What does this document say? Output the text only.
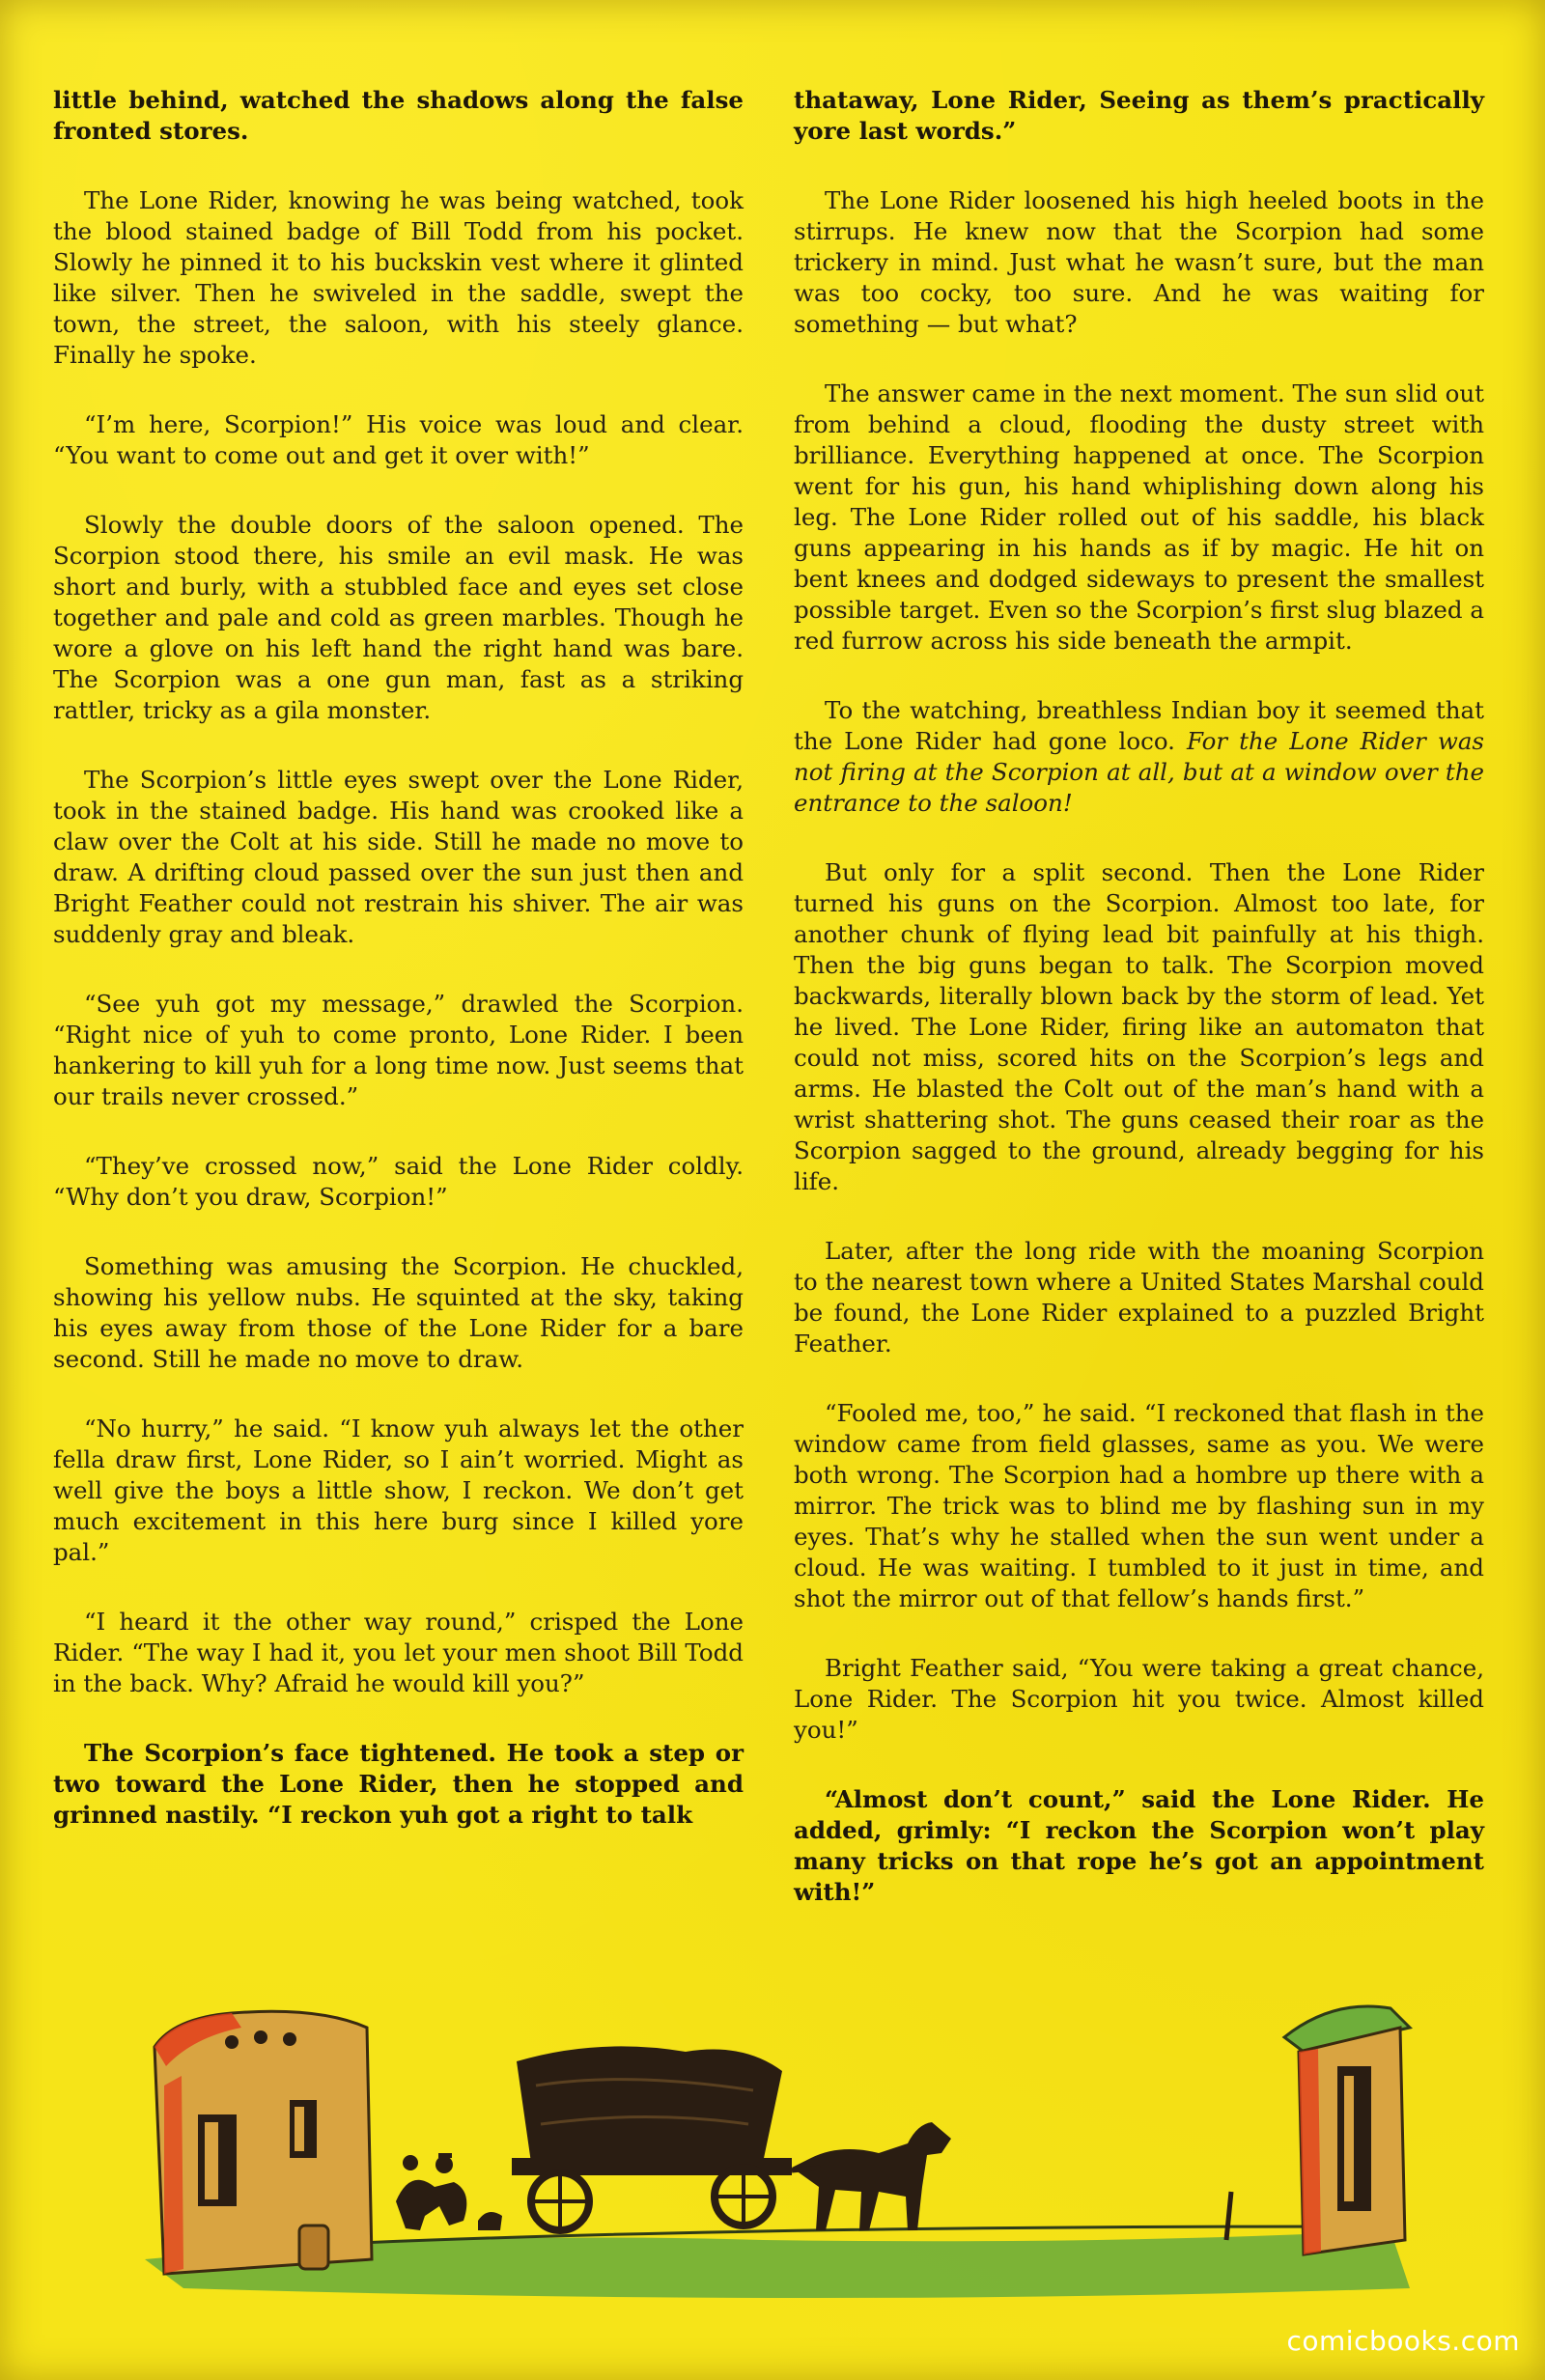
little behind, watched the shadows along the false fronted stores.

The Lone Rider, knowing he was being watched, took the blood stained badge of Bill Todd from his pocket. Slowly he pinned it to his buckskin vest where it glinted like silver. Then he swiveled in the saddle, swept the town, the street, the saloon, with his steely glance. Finally he spoke.

“I’m here, Scorpion!” His voice was loud and clear. “You want to come out and get it over with!”

Slowly the double doors of the saloon opened. The Scorpion stood there, his smile an evil mask. He was short and burly, with a stubbled face and eyes set close together and pale and cold as green marbles. Though he wore a glove on his left hand the right hand was bare. The Scorpion was a one gun man, fast as a striking rattler, tricky as a gila monster.

The Scorpion’s little eyes swept over the Lone Rider, took in the stained badge. His hand was crooked like a claw over the Colt at his side. Still he made no move to draw. A drifting cloud passed over the sun just then and Bright Feather could not restrain his shiver. The air was suddenly gray and bleak.

“See yuh got my message,” drawled the Scorpion. “Right nice of yuh to come pronto, Lone Rider. I been hankering to kill yuh for a long time now. Just seems that our trails never crossed.”

“They’ve crossed now,” said the Lone Rider coldly. “Why don’t you draw, Scorpion!”

Something was amusing the Scorpion. He chuckled, showing his yellow nubs. He squinted at the sky, taking his eyes away from those of the Lone Rider for a bare second. Still he made no move to draw.

“No hurry,” he said. “I know yuh always let the other fella draw first, Lone Rider, so I ain’t worried. Might as well give the boys a little show, I reckon. We don’t get much excitement in this here burg since I killed yore pal.”

“I heard it the other way round,” crisped the Lone Rider. “The way I had it, you let your men shoot Bill Todd in the back. Why? Afraid he would kill you?”

The Scorpion’s face tightened. He took a step or two toward the Lone Rider, then he stopped and grinned nastily. “I reckon yuh got a right to talk

thataway, Lone Rider, Seeing as them’s practically yore last words.”

The Lone Rider loosened his high heeled boots in the stirrups. He knew now that the Scorpion had some trickery in mind. Just what he wasn’t sure, but the man was too cocky, too sure. And he was waiting for something — but what?

The answer came in the next moment. The sun slid out from behind a cloud, flooding the dusty street with brilliance. Everything happened at once. The Scorpion went for his gun, his hand whiplishing down along his leg. The Lone Rider rolled out of his saddle, his black guns appearing in his hands as if by magic. He hit on bent knees and dodged sideways to present the smallest possible target. Even so the Scorpion’s first slug blazed a red furrow across his side beneath the armpit.

To the watching, breathless Indian boy it seemed that the Lone Rider had gone loco. For the Lone Rider was not firing at the Scorpion at all, but at a window over the entrance to the saloon!

But only for a split second. Then the Lone Rider turned his guns on the Scorpion. Almost too late, for another chunk of flying lead bit painfully at his thigh. Then the big guns began to talk. The Scorpion moved backwards, literally blown back by the storm of lead. Yet he lived. The Lone Rider, firing like an automaton that could not miss, scored hits on the Scorpion’s legs and arms. He blasted the Colt out of the man’s hand with a wrist shattering shot. The guns ceased their roar as the Scorpion sagged to the ground, already begging for his life.

Later, after the long ride with the moaning Scorpion to the nearest town where a United States Marshal could be found, the Lone Rider explained to a puzzled Bright Feather.

“Fooled me, too,” he said. “I reckoned that flash in the window came from field glasses, same as you. We were both wrong. The Scorpion had a hombre up there with a mirror. The trick was to blind me by flashing sun in my eyes. That’s why he stalled when the sun went under a cloud. He was waiting. I tumbled to it just in time, and shot the mirror out of that fellow’s hands first.”

Bright Feather said, “You were taking a great chance, Lone Rider. The Scorpion hit you twice. Almost killed you!”

“Almost don’t count,” said the Lone Rider. He added, grimly: “I reckon the Scorpion won’t play many tricks on that rope he’s got an appointment with!”

comicbooks.com
